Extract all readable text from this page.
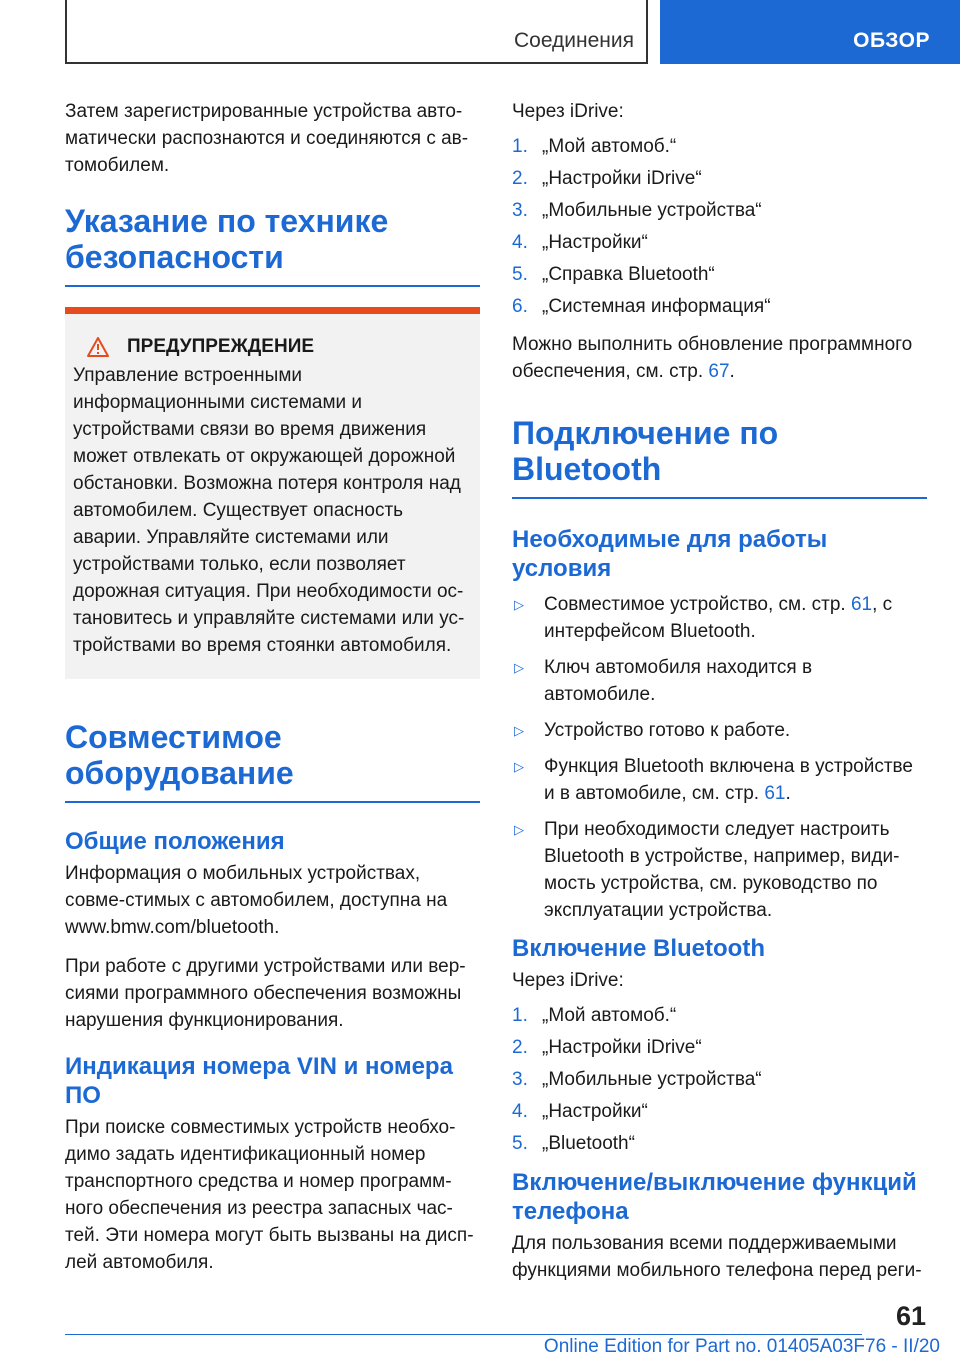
Соединения	ОБЗОР

Затем зарегистрированные устройства авто-матически распознаются и соединяются с ав-томобилем.

Указание по технике безопасности
ПРЕДУПРЕЖДЕНИЕ

Управление встроенными информационными системами и устройствами связи во время движения может отвлекать от окружающей дорожной обстановки. Возможна потеря контроля над автомобилем. Существует опасность аварии. Управляйте системами или устройствами только, если позволяет дорожная ситуация. При необходимости ос-тановитесь и управляйте системами или ус-тройствами во время стоянки автомобиля.

Совместимое оборудование
Общие положения

Информация о мобильных устройствах, совме-стимых с автомобилем, доступна на www.bmw.com/bluetooth.

При работе с другими устройствами или вер-сиями программного обеспечения возможны нарушения функционирования.

Индикация номера VIN и номера ПО

При поиске совместимых устройств необхо-димо задать идентификационный номер транспортного средства и номер программ-ного обеспечения из реестра запасных час-тей. Эти номера могут быть вызваны на дисп-лей автомобиля.

Через iDrive:

1. „Мой автомоб.“
2. „Настройки iDrive“
3. „Мобильные устройства“
4. „Настройки“
5. „Справка Bluetooth“
6. „Системная информация“

Можно выполнить обновление программного обеспечения, см. стр. 67.

Подключение по Bluetooth
Необходимые для работы условия
▷	Совместимое устройство, см. стр. 61, с интерфейсом Bluetooth.
▷	Ключ автомобиля находится в автомобиле.
▷	Устройство готово к работе.
▷	Функция Bluetooth включена в устройстве и в автомобиле, см. стр. 61.
▷	При необходимости следует настроить Bluetooth в устройстве, например, види-мость устройства, см. руководство по эксплуатации устройства.
Включение Bluetooth

Через iDrive:

1. „Мой автомоб.“
2. „Настройки iDrive“
3. „Мобильные устройства“
4. „Настройки“
5. „Bluetooth“
Включение/выключение функций телефона

Для пользования всеми поддерживаемыми функциями мобильного телефона перед реги-

61
Online Edition for Part no. 01405A03F76 - II/20
